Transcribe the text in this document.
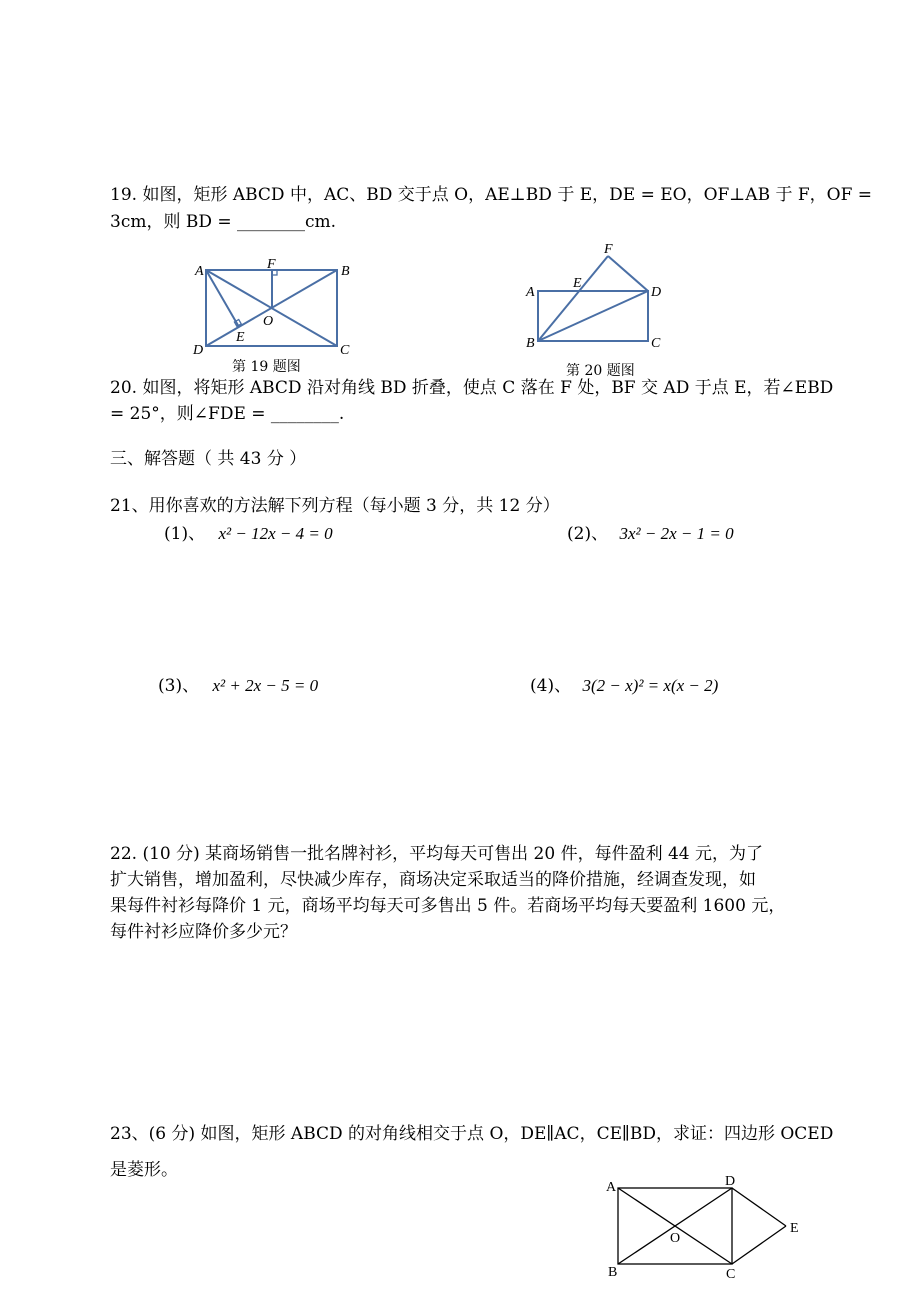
19. 如图，矩形 ABCD 中，AC、BD 交于点 O，AE⊥BD 于 E，DE = EO，OF⊥AB 于 F，OF =
3cm，则 BD = ________cm.
A	B
C
D
E
F
O
第 19 题图
A
B	C
D
E
F
第 20 题图
20. 如图，将矩形 ABCD 沿对角线 BD 折叠，使点 C 落在 F 处，BF 交 AD 于点 E，若∠EBD
= 25°，则∠FDE = ________.
三、解答题（ 共 43 分 ）
21、用你喜欢的方法解下列方程（每小题 3 分，共 12 分）
(1)、 x² − 12x − 4 = 0	(2)、 3x² − 2x − 1 = 0
(3)、 x² + 2x − 5 = 0	(4)、 3(2 − x)² = x(x − 2)
22. (10 分) 某商场销售一批名牌衬衫，平均每天可售出 20 件，每件盈利 44 元，为了
扩大销售，增加盈利，尽快减少库存，商场决定采取适当的降价措施，经调查发现，如
果每件衬衫每降价 1 元，商场平均每天可多售出 5 件。若商场平均每天要盈利 1600 元，
每件衬衫应降价多少元？
23、(6 分) 如图，矩形 ABCD 的对角线相交于点 O，DE∥AC，CE∥BD，求证：四边形 OCED
是菱形。
A
B	C
D
E
O
